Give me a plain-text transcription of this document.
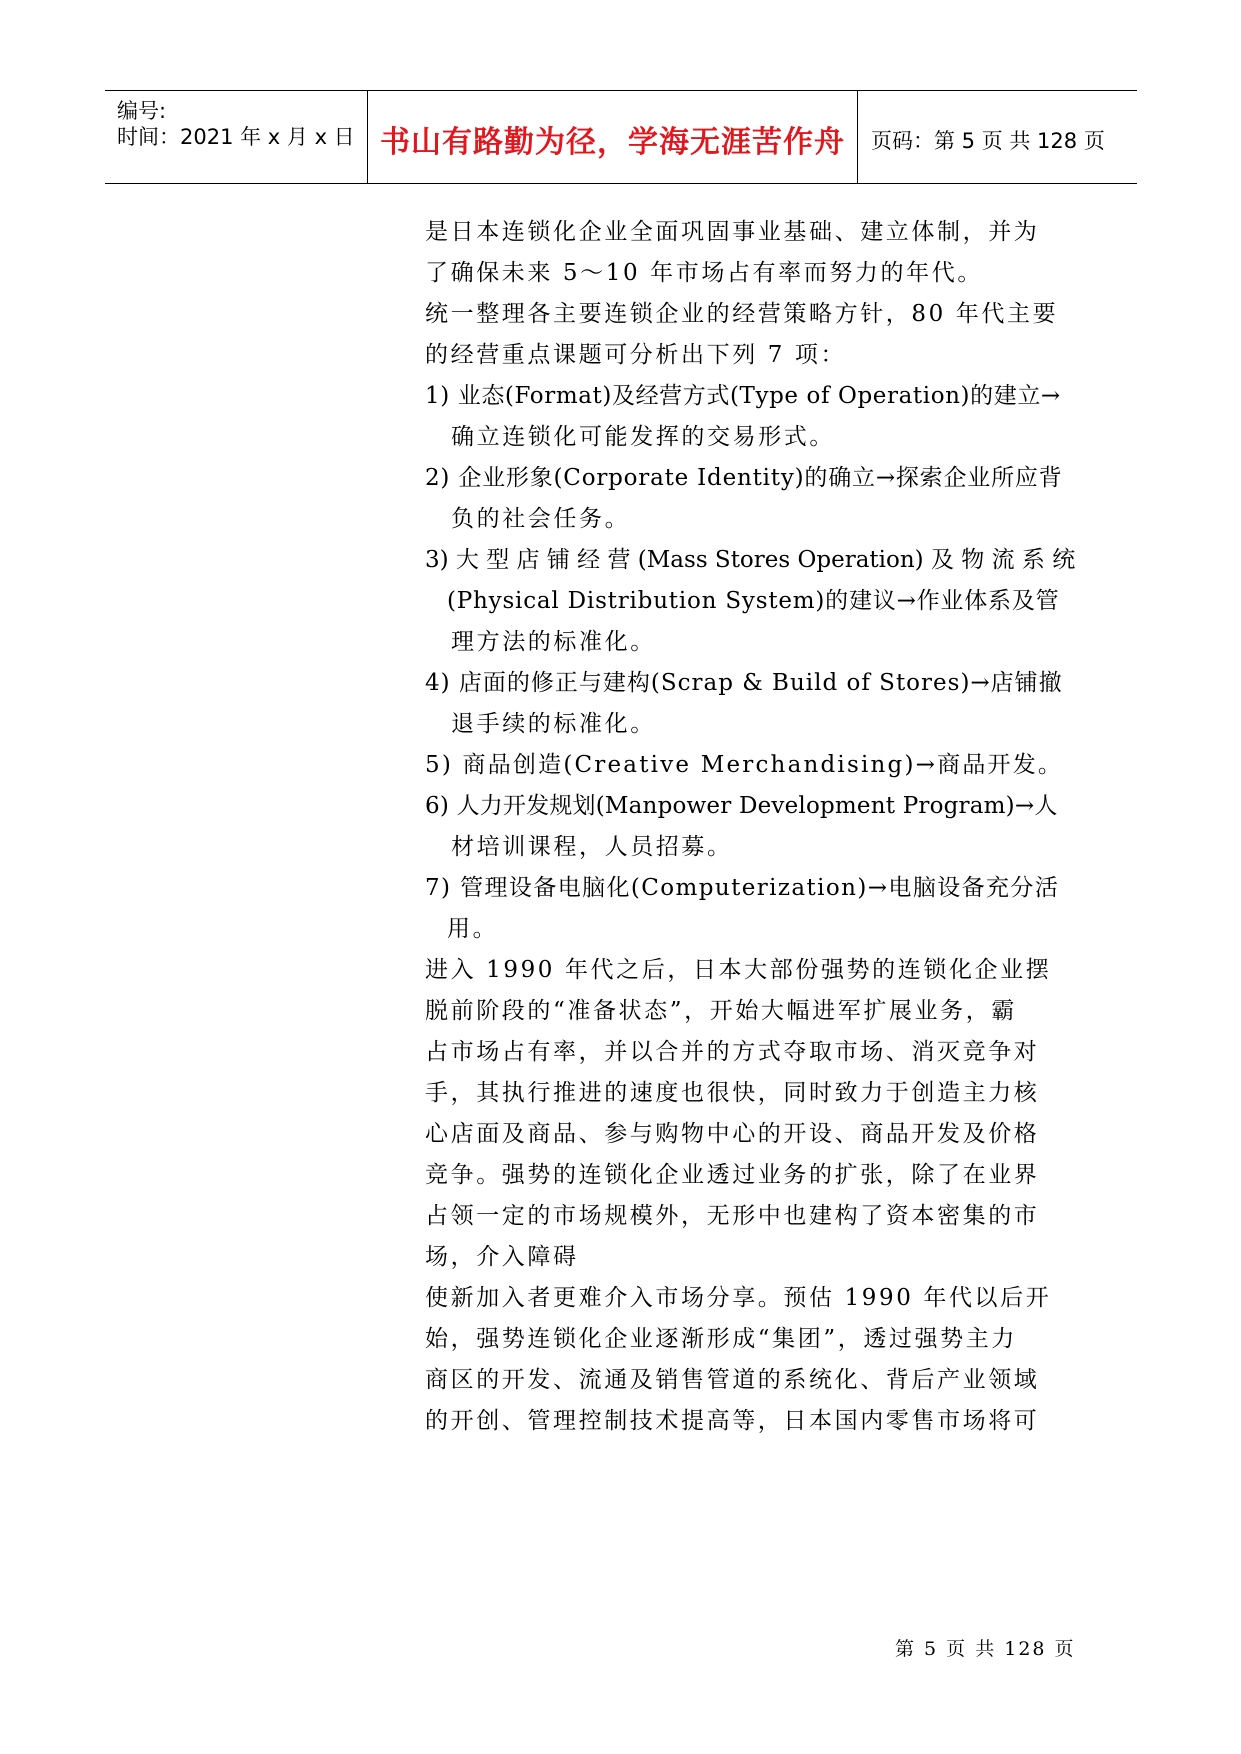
编号:
时间：2021 年 x 月 x 日 书山有路勤为径，学海无涯苦作舟	页码：第 5 页 共 128 页
是日本连锁化企业全面巩固事业基础、建立体制，并为
了确保未来 5～10 年市场占有率而努力的年代。
统一整理各主要连锁企业的经营策略方针，80 年代主要
的经营重点课题可分析出下列 7 项：
1) 业态(Format)及经营方式(Type of Operation)的建立→
确立连锁化可能发挥的交易形式。
2) 企业形象(Corporate Identity)的确立→探索企业所应背
负的社会任务。
3) 大 型 店 铺 经 营 (Mass Stores Operation) 及 物 流 系 统
(Physical Distribution System)的建议→作业体系及管
理方法的标准化。
4) 店面的修正与建构(Scrap & Build of Stores)→店铺撤
退手续的标准化。
5) 商品创造(Creative Merchandising)→商品开发。
6) 人力开发规划(Manpower Development Program)→人
材培训课程，人员招募。
7) 管理设备电脑化(Computerization)→电脑设备充分活
用。
进入 1990 年代之后，日本大部份强势的连锁化企业摆
脱前阶段的“准备状态”，开始大幅进军扩展业务，霸
占市场占有率，并以合并的方式夺取市场、消灭竞争对
手，其执行推进的速度也很快，同时致力于创造主力核
心店面及商品、参与购物中心的开设、商品开发及价格
竞争。强势的连锁化企业透过业务的扩张，除了在业界
占领一定的市场规模外，无形中也建构了资本密集的市
场，介入障碍
使新加入者更难介入市场分享。预估 1990 年代以后开
始，强势连锁化企业逐渐形成“集团”，透过强势主力
商区的开发、流通及销售管道的系统化、背后产业领域
的开创、管理控制技术提高等，日本国内零售市场将可
第 5 页 共 128 页
